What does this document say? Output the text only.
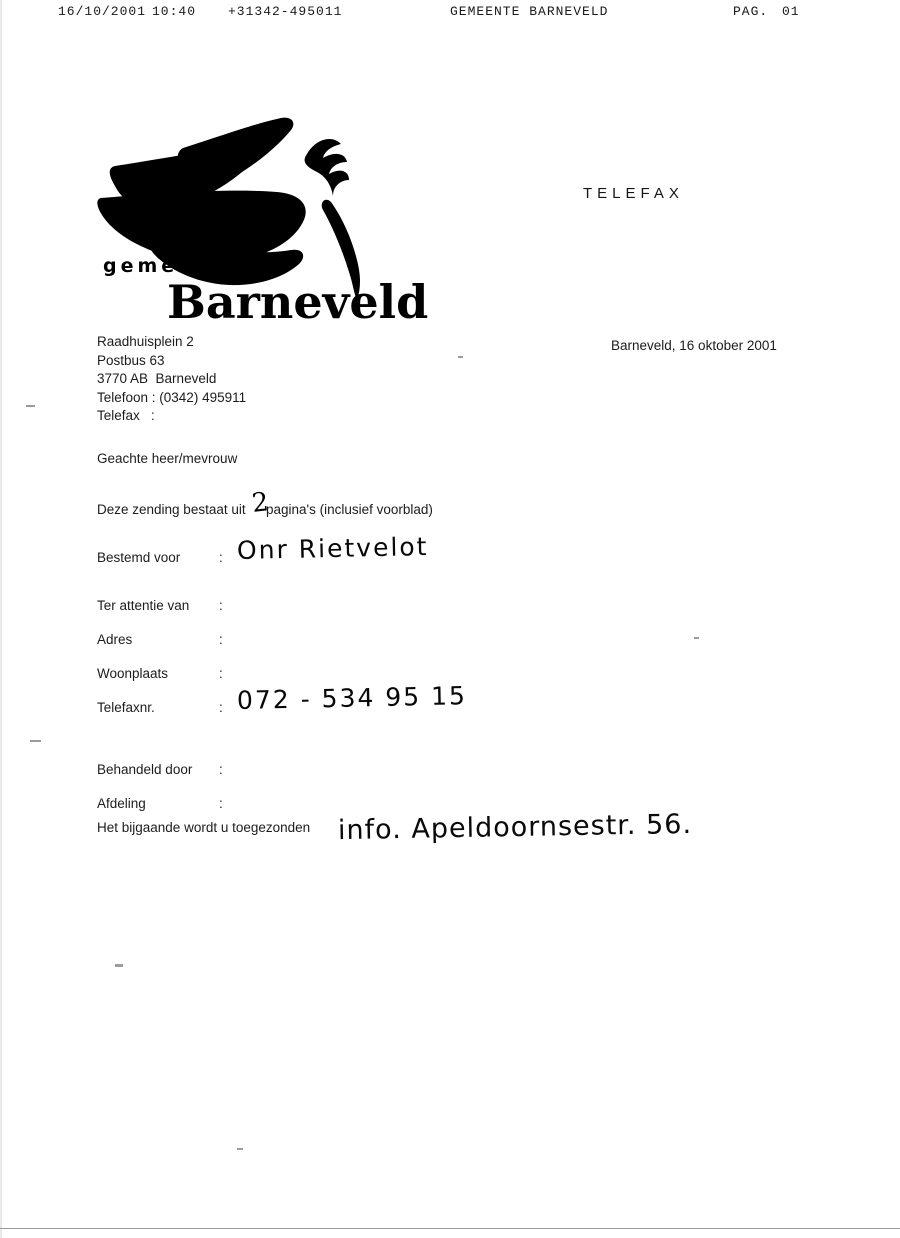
16/10/2001

10:40

+31342-495011

	GEMEENTE BARNEVELD

	PAG.

01

gemeente
Barneveld
TELEFAX
Raadhuisplein 2
Postbus 63
3770 AB  Barneveld
Telefoon : (0342) 495911
Telefax   :
Barneveld, 16 oktober 2001
Geachte heer/mevrouw
Deze zending bestaat uit 2
pagina's (inclusief voorblad)
Bestemd voor	: Onr Rietvelot
Ter attentie van :
Adres	:
Woonplaats	:
Telefaxnr.	: 072 - 534 95 15
Behandeld door :
Afdeling	:
Het bijgaande wordt u toegezonden info. Apeldoornsestr. 56.
